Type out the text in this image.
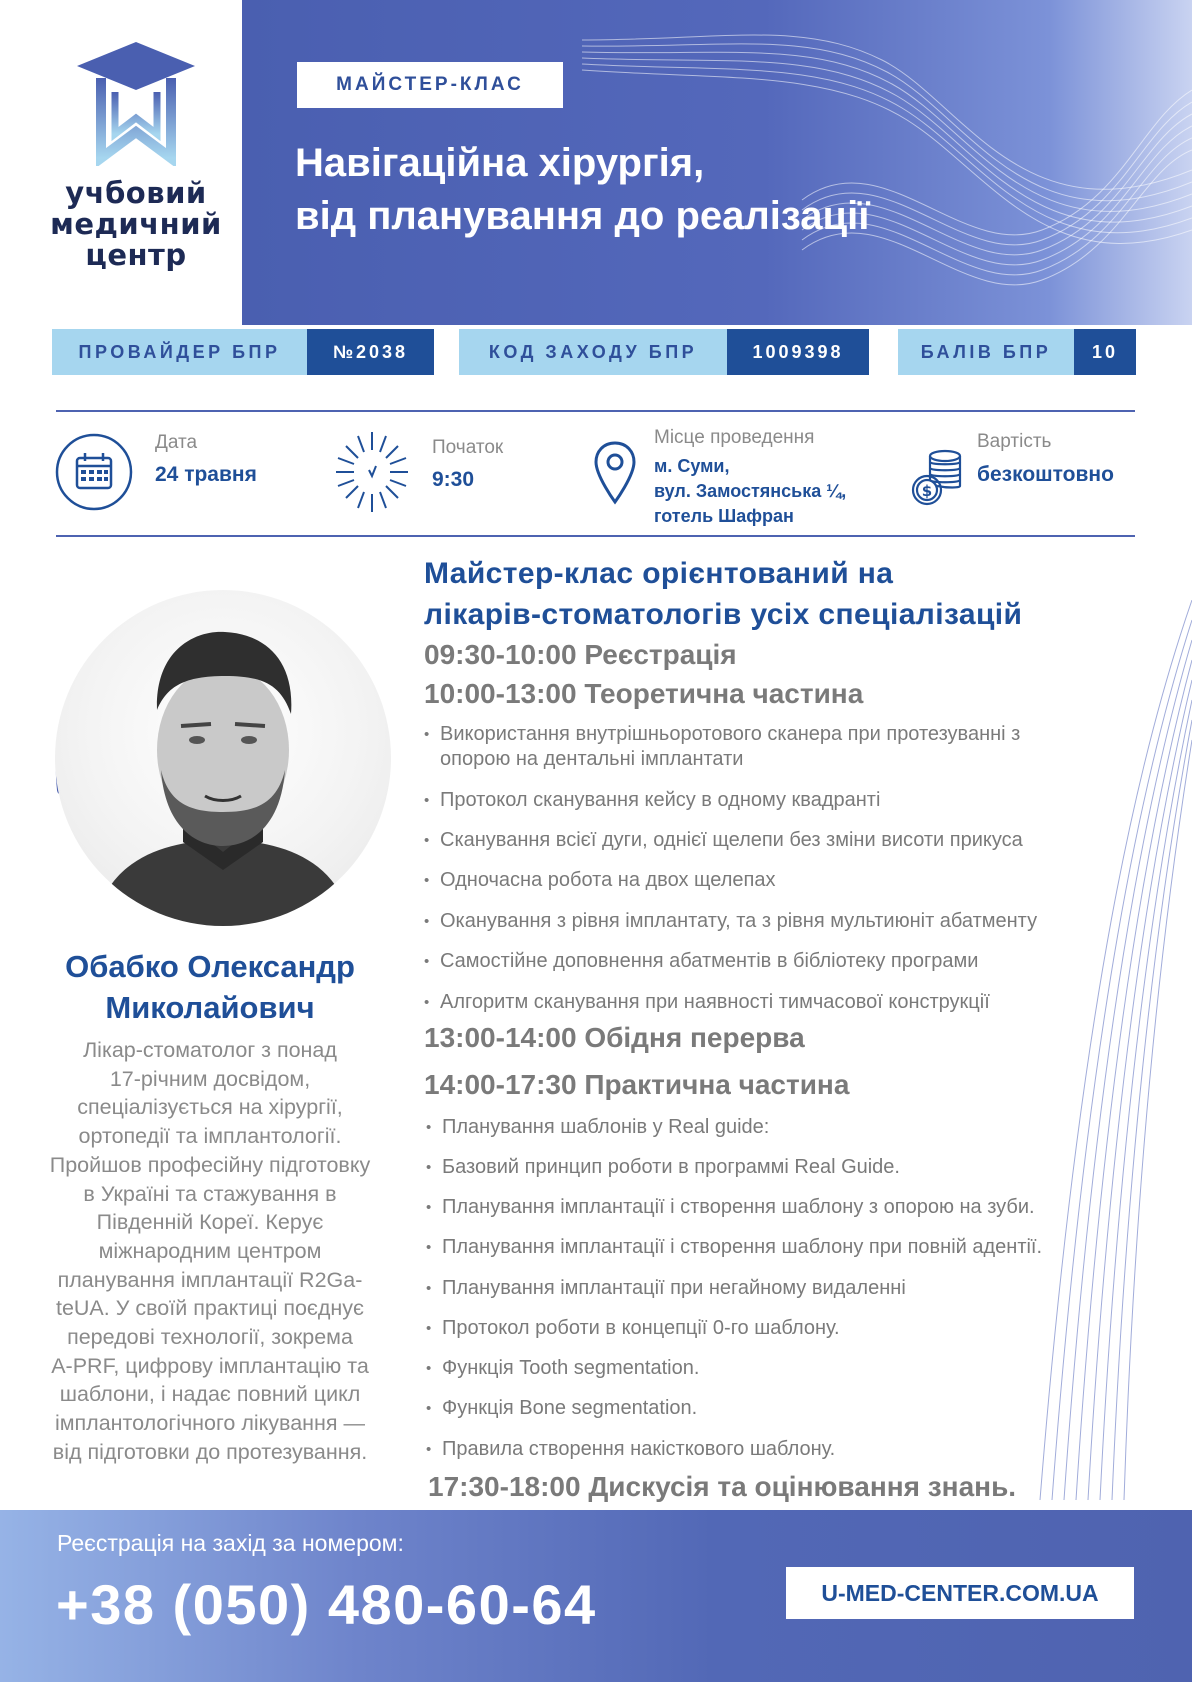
учбовий
медичний
центр
МАЙСТЕР-КЛАС
Навігаційна хірургія,
від планування до реалізації
ПРОВАЙДЕР БПР	№2038	КОД ЗАХОДУ БПР	1009398	БАЛІВ БПР	10
Дата
24 травня
Початок
9:30
Місце проведення
м. Суми,
вул. Замостянська ¼,
готель Шафран
$
Вартість
безкоштовно
Обабко Олександр
Миколайович
Лікар-стоматолог з понад
17-річним досвідом,
спеціалізується на хірургії,
ортопедії та імплантології.
Пройшов професійну підготовку
в Україні та стажування в
Південній Кореї. Керує
міжнародним центром
планування імплантації R2Ga-
teUA. У своїй практиці поєднує
передові технології, зокрема
A-PRF, цифрову імплантацію та
шаблони, і надає повний цикл
імплантологічного лікування —
від підготовки до протезування.
Майстер-клас орієнтований на
лікарів-стоматологів усіх спеціалізацій
09:30-10:00 Реєстрація
10:00-13:00 Теоретична частина
• Використання внутрішньоротового сканера при протезуванні з
опорою на дентальні імплантати
• Протокол сканування кейсу в одному квадранті
• Сканування всієї дуги, однієї щелепи без зміни висоти прикуса
• Одночасна робота на двох щелепах
• Оканування з рівня імплантату, та з рівня мультиюніт абатменту
• Самостійне доповнення абатментів в бібліотеку програми
• Алгоритм сканування при наявності тимчасової конструкції
13:00-14:00 Обідня перерва
14:00-17:30 Практична частина
• Планування шаблонів у Real guide:
• Базовий принцип роботи в программі Real Guide.
• Планування імплантації і створення шаблону з опорою на зуби.
• Планування імплантації і створення шаблону при повній адентії.
• Планування імплантації при негайному видаленні
• Протокол роботи в концепції 0-го шаблону.
• Функція Tooth segmentation.
• Функція Bone segmentation.
• Правила створення накісткового шаблону.
17:30-18:00 Дискусія та оцінювання знань.
Реєстрація на захід за номером:
+38 (050) 480-60-64	U-MED-CENTER.COM.UA
